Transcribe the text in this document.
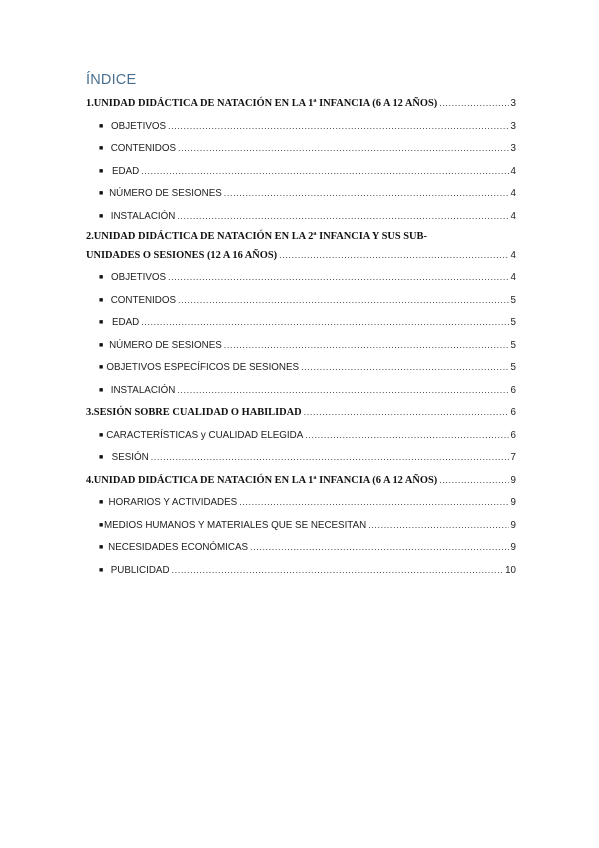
ÍNDICE
1.UNIDAD DIDÁCTICA DE NATACIÓN EN LA 1ª INFANCIA (6 A 12 AÑOS) .....	3
■ OBJETIVOS .....	3
■ CONTENIDOS .....	3
■ EDAD .....	4
■ NÚMERO DE SESIONES .....	4
■ INSTALACIÓN .....	4
2.UNIDAD DIDÁCTICA DE NATACIÓN EN LA 2ª INFANCIA Y SUS SUB-
UNIDADES O SESIONES (12 A 16 AÑOS) .....	4
■ OBJETIVOS .....	4
■ CONTENIDOS .....	5
■ EDAD .....	5
■ NÚMERO DE SESIONES .....	5
■ OBJETIVOS ESPECÍFICOS DE SESIONES .....	5
■ INSTALACIÓN .....	6
3.SESIÓN SOBRE CUALIDAD O HABILIDAD .....	6
■ CARACTERÍSTICAS y CUALIDAD ELEGIDA .....	6
■ SESIÓN .....	7
4.UNIDAD DIDÁCTICA DE NATACIÓN EN LA 1ª INFANCIA (6 A 12 AÑOS) .....	9
■ HORARIOS Y ACTIVIDADES .....	9
■ MEDIOS HUMANOS Y MATERIALES QUE SE NECESITAN .....	9
■ NECESIDADES ECONÓMICAS .....	9
■ PUBLICIDAD .....	10
